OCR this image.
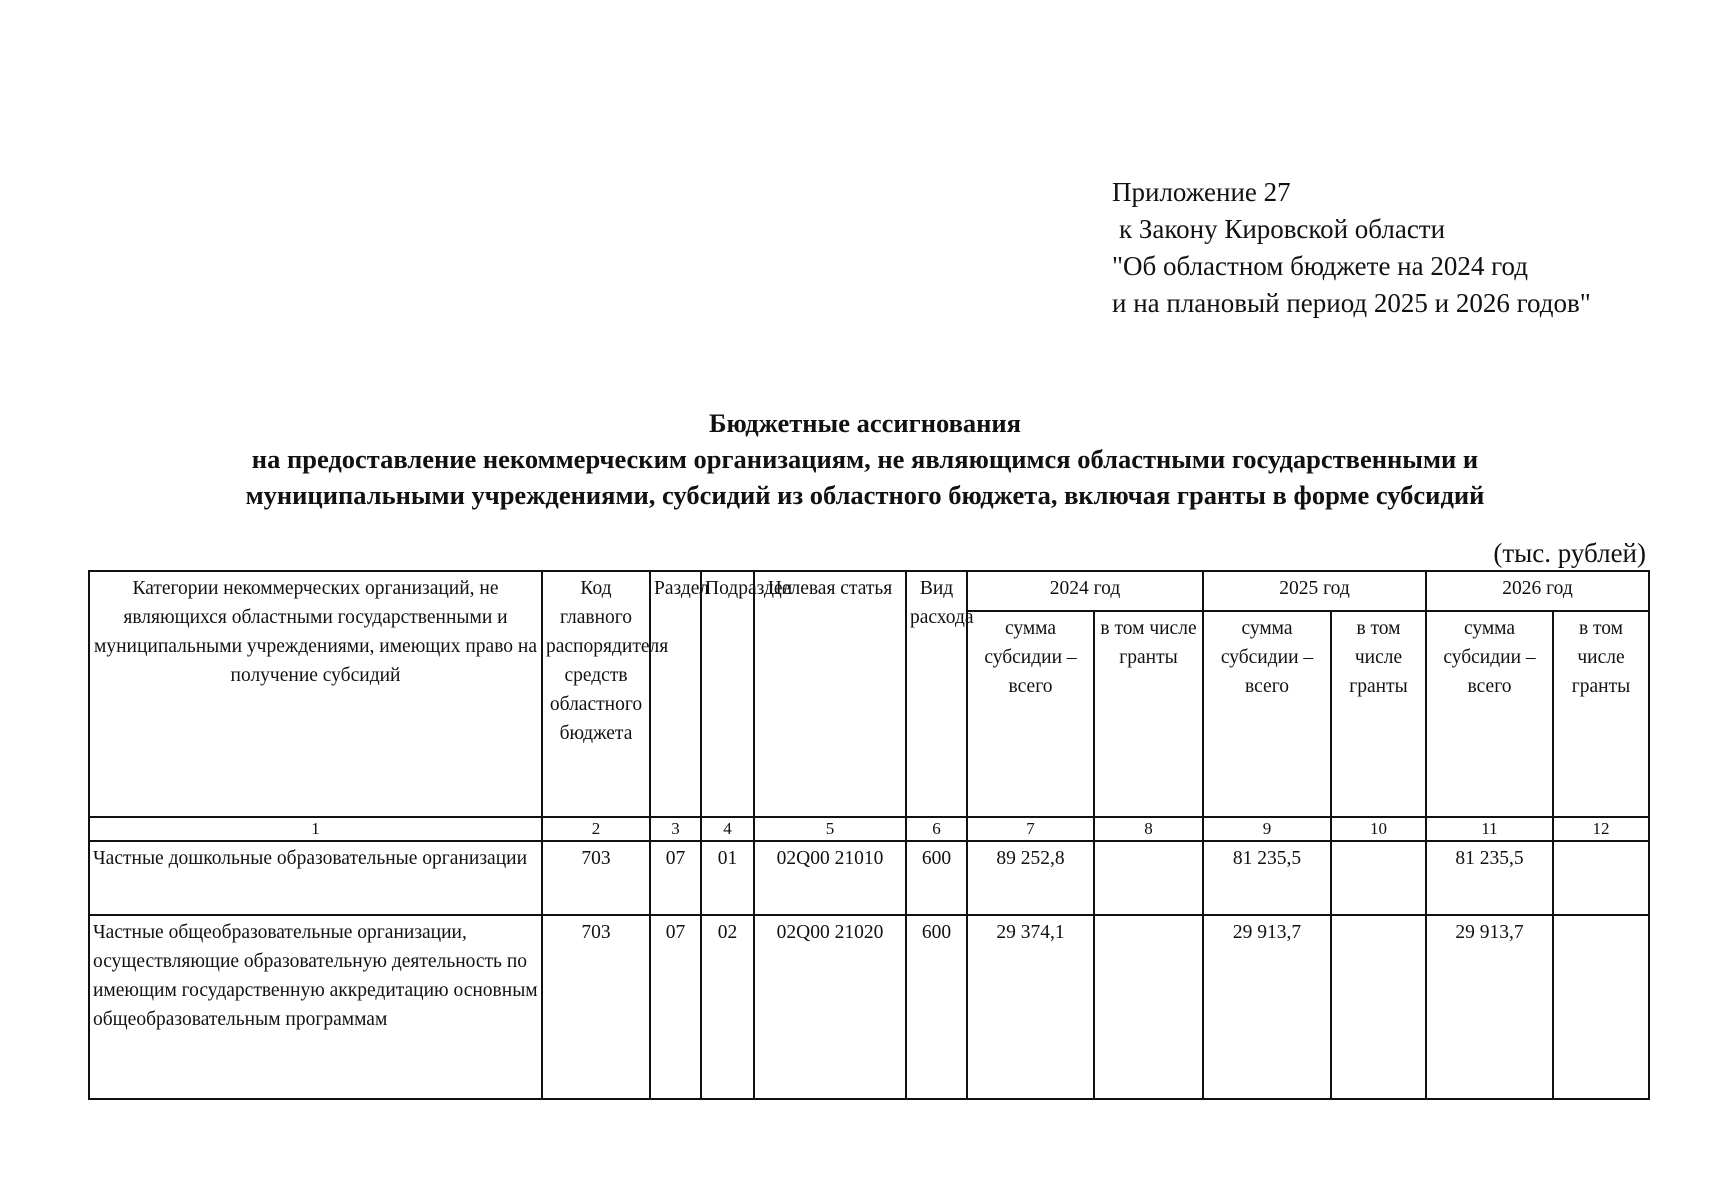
Приложение 27
к Закону Кировской области
"Об областном бюджете на 2024 год
и на плановый период 2025 и 2026 годов"
Бюджетные ассигнования
на предоставление некоммерческим организациям, не являющимся областными государственными и
муниципальными учреждениями, субсидий из областного бюджета, включая гранты в форме субсидий
(тыс. рублей)
Категории некоммерческих организаций, не являющихся областными государственными и муниципальными учреждениями, имеющих право на получение субсидий	Код главного распорядителя средств областного бюджета	Раздел	Подраздел	Целевая статья	Вид расхода	2024 год		2025 год		2026 год	
						сумма субсидии – всего	в том числе гранты	сумма субсидии – всего	в том числе гранты	сумма субсидии – всего	в том числе гранты
1	2	3	4	5	6	7	8	9	10	11	12
Частные дошкольные образовательные организации	703	07	01	02Q00 21010	600	89 252,8		81 235,5		81 235,5	
Частные общеобразовательные организации, осуществляющие образовательную деятельность по имеющим государственную аккредитацию основным общеобразовательным программам	703	07	02	02Q00 21020	600	29 374,1		29 913,7		29 913,7	
